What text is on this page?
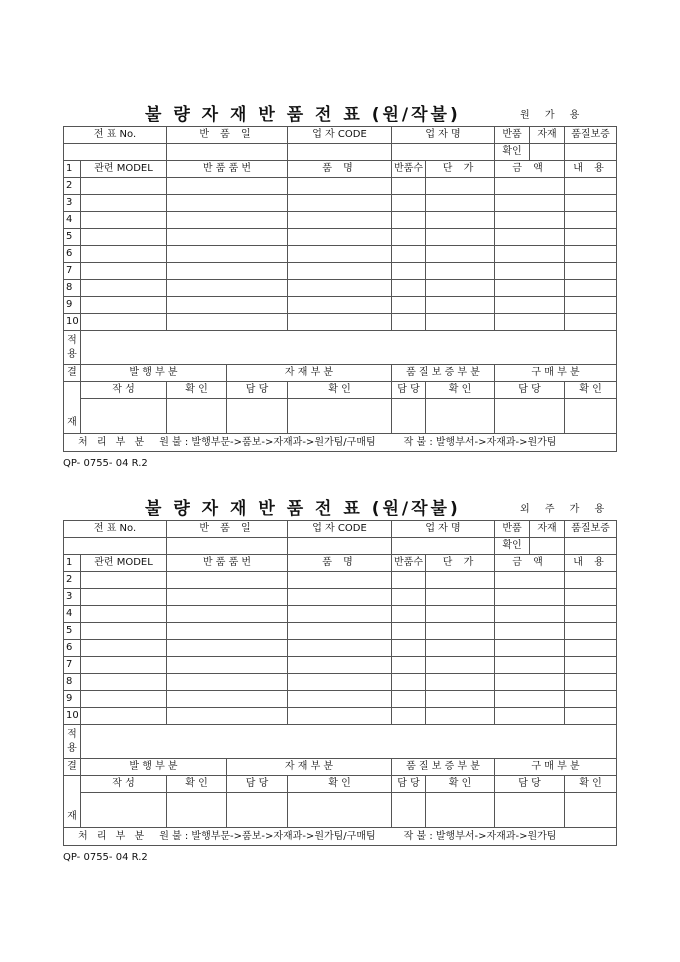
불 량 자 재 반 품 전 표 (원/작불)	원 가 용
전 표 No.		반 품 일		업 자 CODE	업 자 명		반품	자재	품질보증
							확인		
1	관련 MODEL	반 품 품 번		품 명	반품수	단 가	금 액		내 용
2									
3									
4									
5									
6									
7									
8									
9									
10									
적
용									
결	발 행 부 분		자 재 부 분		품 질 보 증 부 분		구 매 부 분		
재	작 성	확 인	담 당	확 인	담 당	확 인	담 당		확 인

처 리 부 분 원 불 : 발행부문->품보->자재과->원가팀/구매팀 작 불 : 발행부서->자재과->원가팀									
QP- 0755- 04 R.2
불 량 자 재 반 품 전 표 (원/작불)	외 주 가 용
전 표 No.		반 품 일		업 자 CODE	업 자 명		반품	자재	품질보증
							확인		
1	관련 MODEL	반 품 품 번		품 명	반품수	단 가	금 액		내 용
2									
3									
4									
5									
6									
7									
8									
9									
10									
적
용									
결	발 행 부 분		자 재 부 분		품 질 보 증 부 분		구 매 부 분		
재	작 성	확 인	담 당	확 인	담 당	확 인	담 당		확 인

처 리 부 분 원 불 : 발행부문->품보->자재과->원가팀/구매팀 작 불 : 발행부서->자재과->원가팀									
QP- 0755- 04 R.2
